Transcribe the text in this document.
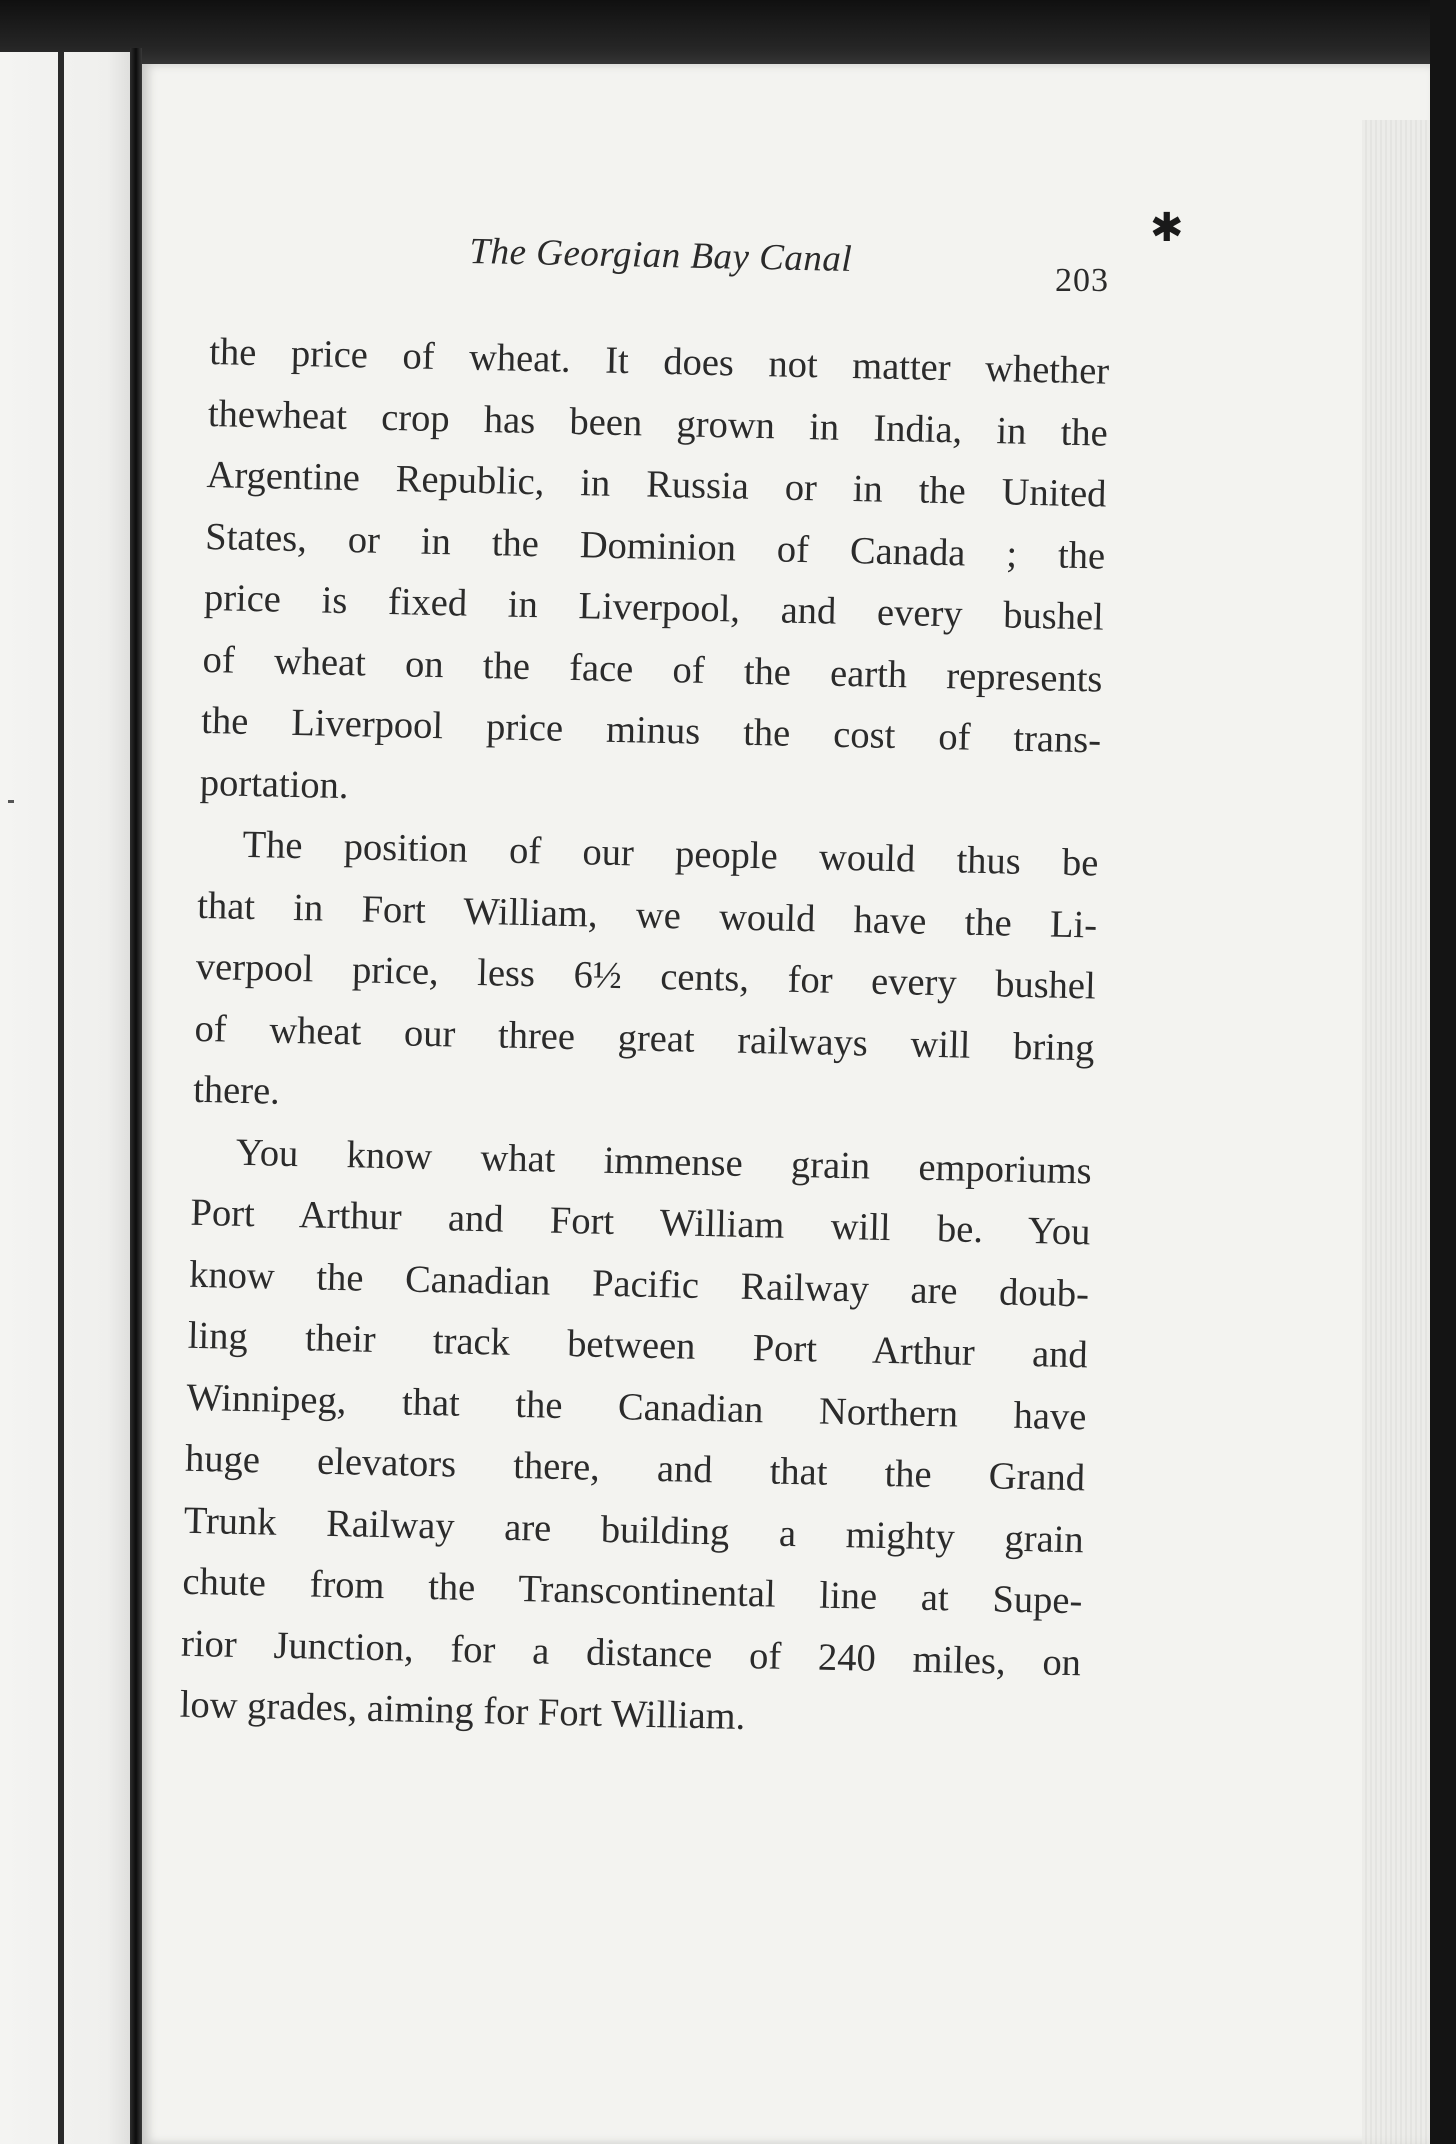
The Georgian Bay Canal
203
✱

the price of wheat. It does not matter whether
thewheat crop has been grown in India, in the
Argentine Republic, in Russia or in the United
States, or in the Dominion of Canada ; the
price is fixed in Liverpool, and every bushel
of wheat on the face of the earth represents
the Liverpool price minus the cost of trans-
portation.

The position of our people would thus be
that in Fort William, we would have the Li-
verpool price, less 6½ cents, for every bushel
of wheat our three great railways will bring
there.

You know what immense grain emporiums
Port Arthur and Fort William will be. You
know the Canadian Pacific Railway are doub-
ling their track between Port Arthur and
Winnipeg, that the Canadian Northern have
huge elevators there, and that the Grand
Trunk Railway are building a mighty grain
chute from the Transcontinental line at Supe-
rior Junction, for a distance of 240 miles, on
low grades, aiming for Fort William.
